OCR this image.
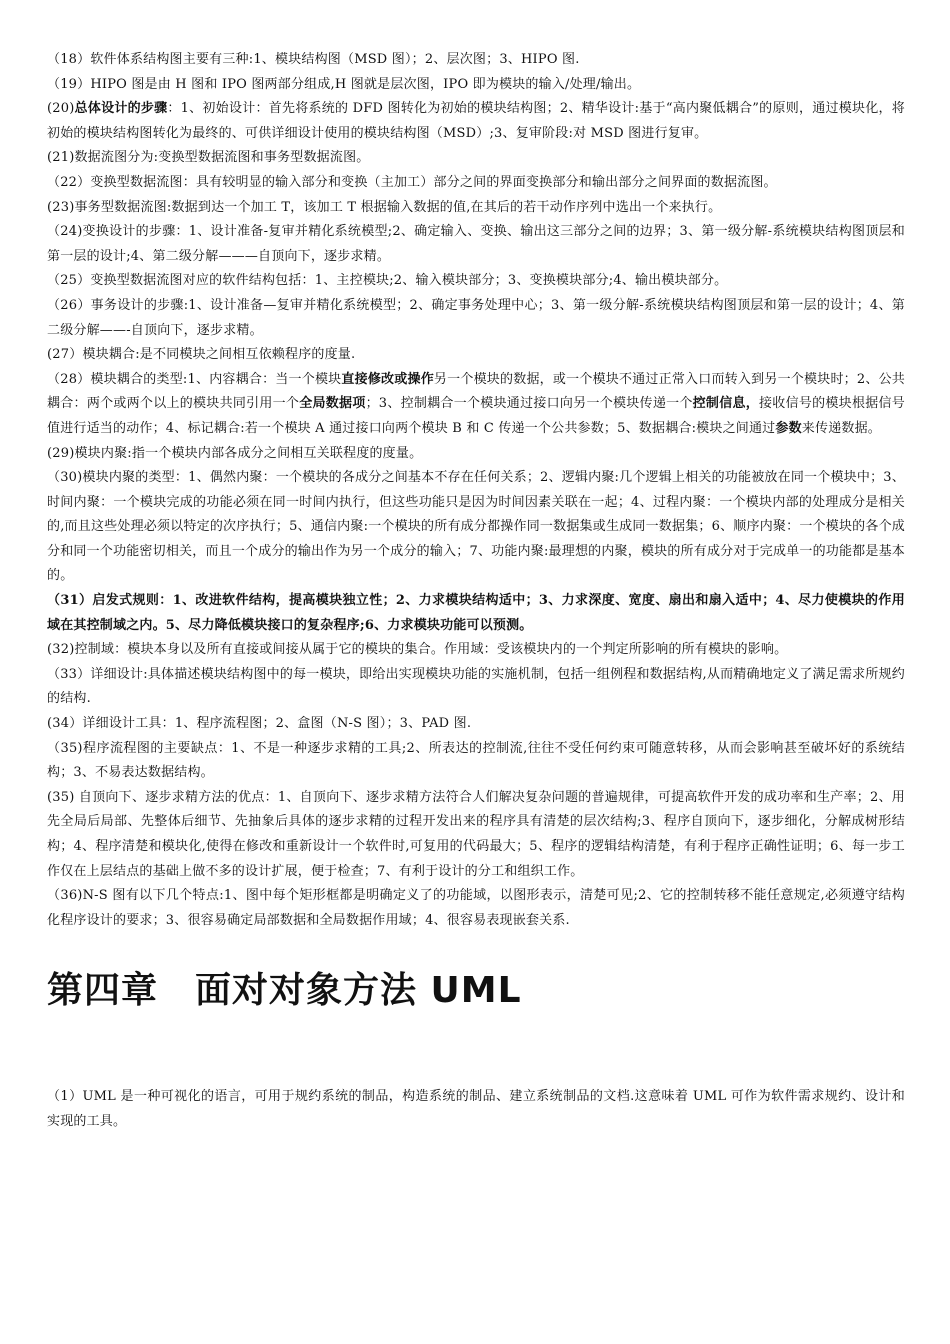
（18）软件体系结构图主要有三种:1、模块结构图（MSD 图）；2、层次图；3、HIPO 图.

（19）HIPO 图是由 H 图和 IPO 图两部分组成,H 图就是层次图，IPO 即为模块的输入/处理/输出。

(20)总体设计的步骤：1、初始设计：首先将系统的 DFD 图转化为初始的模块结构图；2、精华设计:基于“高内聚低耦合”的原则，通过模块化，将初始的模块结构图转化为最终的、可供详细设计使用的模块结构图（MSD）;3、复审阶段:对 MSD 图进行复审。

(21)数据流图分为:变换型数据流图和事务型数据流图。

（22）变换型数据流图：具有较明显的输入部分和变换（主加工）部分之间的界面变换部分和输出部分之间界面的数据流图。

(23)事务型数据流图:数据到达一个加工 T，该加工 T 根据输入数据的值,在其后的若干动作序列中选出一个来执行。

（24)变换设计的步骤：1、设计准备-复审并精化系统模型;2、确定输入、变换、输出这三部分之间的边界；3、第一级分解-系统模块结构图顶层和第一层的设计;4、第二级分解———自顶向下，逐步求精。

（25）变换型数据流图对应的软件结构包括：1、主控模块;2、输入模块部分；3、变换模块部分;4、输出模块部分。

（26）事务设计的步骤:1、设计准备—复审并精化系统模型；2、确定事务处理中心；3、第一级分解-系统模块结构图顶层和第一层的设计；4、第二级分解——-自顶向下，逐步求精。

(27）模块耦合:是不同模块之间相互依赖程序的度量.

（28）模块耦合的类型:1、内容耦合：当一个模块直接修改或操作另一个模块的数据，或一个模块不通过正常入口而转入到另一个模块时；2、公共耦合：两个或两个以上的模块共同引用一个全局数据项；3、控制耦合一个模块通过接口向另一个模块传递一个控制信息，接收信号的模块根据信号值进行适当的动作；4、标记耦合:若一个模块 A 通过接口向两个模块 B 和 C 传递一个公共参数；5、数据耦合:模块之间通过参数来传递数据。

(29)模块内聚:指一个模块内部各成分之间相互关联程度的度量。

（30)模块内聚的类型：1、偶然内聚：一个模块的各成分之间基本不存在任何关系；2、逻辑内聚:几个逻辑上相关的功能被放在同一个模块中；3、时间内聚：一个模块完成的功能必须在同一时间内执行，但这些功能只是因为时间因素关联在一起；4、过程内聚：一个模块内部的处理成分是相关的,而且这些处理必须以特定的次序执行；5、通信内聚:一个模块的所有成分都操作同一数据集或生成同一数据集；6、顺序内聚：一个模块的各个成分和同一个功能密切相关，而且一个成分的输出作为另一个成分的输入；7、功能内聚:最理想的内聚，模块的所有成分对于完成单一的功能都是基本的。

（31）启发式规则：1、改进软件结构，提高模块独立性；2、力求模块结构适中；3、力求深度、宽度、扇出和扇入适中；4、尽力使模块的作用域在其控制域之内。5、尽力降低模块接口的复杂程序;6、力求模块功能可以预测。

(32)控制域：模块本身以及所有直接或间接从属于它的模块的集合。作用域：受该模块内的一个判定所影响的所有模块的影响。

（33）详细设计:具体描述模块结构图中的每一模块，即给出实现模块功能的实施机制，包括一组例程和数据结构,从而精确地定义了满足需求所规约的结构.

(34）详细设计工具：1、程序流程图；2、盒图（N-S 图）；3、PAD 图.

（35)程序流程图的主要缺点：1、不是一种逐步求精的工具;2、所表达的控制流,往往不受任何约束可随意转移，从而会影响甚至破坏好的系统结构；3、不易表达数据结构。

(35) 自顶向下、逐步求精方法的优点：1、自顶向下、逐步求精方法符合人们解决复杂问题的普遍规律，可提高软件开发的成功率和生产率；2、用先全局后局部、先整体后细节、先抽象后具体的逐步求精的过程开发出来的程序具有清楚的层次结构;3、程序自顶向下，逐步细化，分解成树形结构；4、程序清楚和模块化,使得在修改和重新设计一个软件时,可复用的代码最大；5、程序的逻辑结构清楚，有利于程序正确性证明；6、每一步工作仅在上层结点的基础上做不多的设计扩展，便于检查；7、有利于设计的分工和组织工作。

（36)N-S 图有以下几个特点:1、图中每个矩形框都是明确定义了的功能域，以图形表示，清楚可见;2、它的控制转移不能任意规定,必须遵守结构化程序设计的要求；3、很容易确定局部数据和全局数据作用域；4、很容易表现嵌套关系.

第四章　面对对象方法 UML

（1）UML 是一种可视化的语言，可用于规约系统的制品，构造系统的制品、建立系统制品的文档.这意味着 UML 可作为软件需求规约、设计和实现的工具。
